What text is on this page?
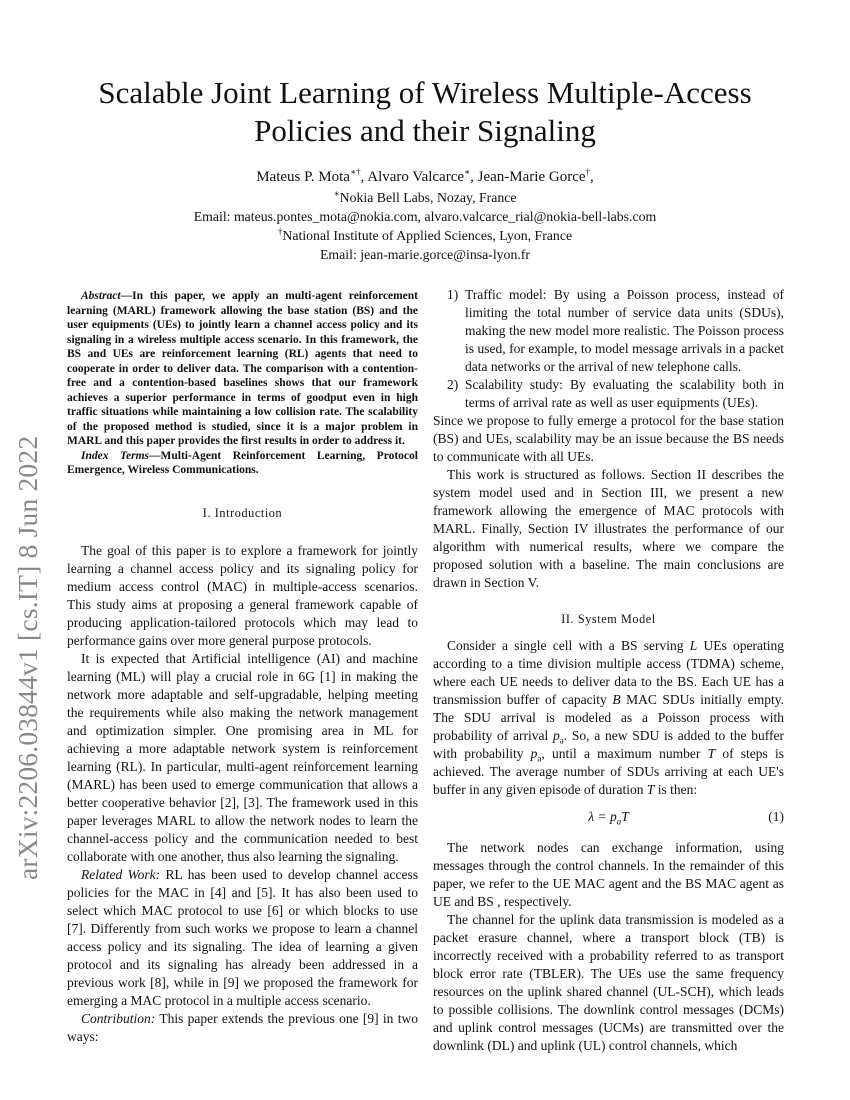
arXiv:2206.03844v1 [cs.IT] 8 Jun 2022
Scalable Joint Learning of Wireless Multiple-Access
Policies and their Signaling
Mateus P. Mota∗†, Alvaro Valcarce∗, Jean-Marie Gorce†,
∗Nokia Bell Labs, Nozay, France
Email: mateus.pontes_mota@nokia.com, alvaro.valcarce_rial@nokia-bell-labs.com
†National Institute of Applied Sciences, Lyon, France
Email: jean-marie.gorce@insa-lyon.fr

Abstract—In this paper, we apply an multi-agent reinforcement learning (MARL) framework allowing the base station (BS) and the user equipments (UEs) to jointly learn a channel access policy and its signaling in a wireless multiple access scenario. In this framework, the BS and UEs are reinforcement learning (RL) agents that need to cooperate in order to deliver data. The comparison with a contention-free and a contention-based baselines shows that our framework achieves a superior performance in terms of goodput even in high traffic situations while maintaining a low collision rate. The scalability of the proposed method is studied, since it is a major problem in MARL and this paper provides the first results in order to address it.

Index Terms—Multi-Agent Reinforcement Learning, Protocol Emergence, Wireless Communications.

I. Introduction

The goal of this paper is to explore a framework for jointly learning a channel access policy and its signaling policy for medium access control (MAC) in multiple-access scenarios. This study aims at proposing a general framework capable of producing application-tailored protocols which may lead to performance gains over more general purpose protocols.

It is expected that Artificial intelligence (AI) and machine learning (ML) will play a crucial role in 6G [1] in making the network more adaptable and self-upgradable, helping meeting the requirements while also making the network management and optimization simpler. One promising area in ML for achieving a more adaptable network system is reinforcement learning (RL). In particular, multi-agent reinforcement learning (MARL) has been used to emerge communication that allows a better cooperative behavior [2], [3]. The framework used in this paper leverages MARL to allow the network nodes to learn the channel-access policy and the communication needed to best collaborate with one another, thus also learning the signaling.

Related Work: RL has been used to develop channel access policies for the MAC in [4] and [5]. It has also been used to select which MAC protocol to use [6] or which blocks to use [7]. Differently from such works we propose to learn a channel access policy and its signaling. The idea of learning a given protocol and its signaling has already been addressed in a previous work [8], while in [9] we proposed the framework for emerging a MAC protocol in a multiple access scenario.

Contribution: This paper extends the previous one [9] in two ways:

1) Traffic model: By using a Poisson process, instead of limiting the total number of service data units (SDUs), making the new model more realistic. The Poisson process is used, for example, to model message arrivals in a packet data networks or the arrival of new telephone calls.
2) Scalability study: By evaluating the scalability both in terms of arrival rate as well as user equipments (UEs).

Since we propose to fully emerge a protocol for the base station (BS) and UEs, scalability may be an issue because the BS needs to communicate with all UEs.

This work is structured as follows. Section II describes the system model used and in Section III, we present a new framework allowing the emergence of MAC protocols with MARL. Finally, Section IV illustrates the performance of our algorithm with numerical results, where we compare the proposed solution with a baseline. The main conclusions are drawn in Section V.

II. System Model

Consider a single cell with a BS serving L UEs operating according to a time division multiple access (TDMA) scheme, where each UE needs to deliver data to the BS. Each UE has a transmission buffer of capacity B MAC SDUs initially empty. The SDU arrival is modeled as a Poisson process with probability of arrival $p_a$. So, a new SDU is added to the buffer with probability $p_a$, until a maximum number T of steps is achieved. The average number of SDUs arriving at each UE's buffer in any given episode of duration T is then:

$\lambda = p_aT$	(1)

The network nodes can exchange information, using messages through the control channels. In the remainder of this paper, we refer to the UE MAC agent and the BS MAC agent as UE and BS , respectively.

The channel for the uplink data transmission is modeled as a packet erasure channel, where a transport block (TB) is incorrectly received with a probability referred to as transport block error rate (TBLER). The UEs use the same frequency resources on the uplink shared channel (UL-SCH), which leads to possible collisions. The downlink control messages (DCMs) and uplink control messages (UCMs) are transmitted over the downlink (DL) and uplink (UL) control channels, which
